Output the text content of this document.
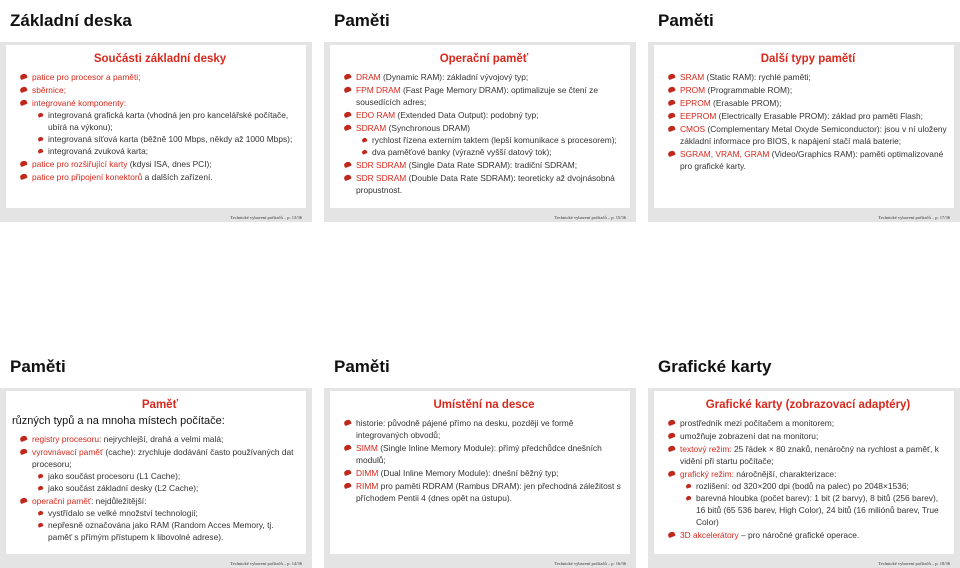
Základní deska
Součásti základní desky
patice pro procesor a paměti;
sběrnice;
integrované komponenty:
integrovaná grafická karta (vhodná jen pro kancelářské počítače, ubírá na výkonu);
integrovaná síťová karta (běžně 100 Mbps, někdy až 1000 Mbps);
integrovaná zvuková karta;
patice pro rozšiřující karty (kdysi ISA, dnes PCI);
patice pro připojení konektorů a dalších zařízení.
Technické vybavení počítačů – p. 13/36
Paměti
Operační paměť
DRAM (Dynamic RAM): základní vývojový typ;
FPM DRAM (Fast Page Memory DRAM): optimalizuje se čtení ze sousedících adres;
EDO RAM (Extended Data Output): podobný typ;
SDRAM (Synchronous DRAM)
rychlost řízena externím taktem (lepší komunikace s procesorem);
dva paměťové banky (výrazně vyšší datový tok);
SDR SDRAM (Single Data Rate SDRAM): tradiční SDRAM;
SDR SDRAM (Double Data Rate SDRAM): teoreticky až dvojnásobná propustnost.
Technické vybavení počítačů – p. 15/36
Paměti
Další typy pamětí
SRAM (Static RAM): rychlé paměti;
PROM (Programmable ROM);
EPROM (Erasable PROM);
EEPROM (Electrically Erasable PROM): základ pro paměti Flash;
CMOS (Complementary Metal Oxyde Semiconductor): jsou v ní uloženy základní informace pro BIOS, k napájení stačí malá baterie;
SGRAM, VRAM, GRAM (Video/Graphics RAM): paměti optimalizované pro grafické karty.
Technické vybavení počítačů – p. 17/36
Paměti
Paměť
různých typů a na mnoha místech počítače:
registry procesoru: nejrychlejší, drahá a velmi malá;
vyrovnávací paměť (cache): zrychluje dodávání často používaných dat procesoru;
jako součást procesoru (L1 Cache);
jako součást základní desky (L2 Cache);
operační paměť: nejdůležitější:
vystřídalo se velké množství technologií;
nepřesně označována jako RAM (Random Acces Memory, tj. paměť s přímým přístupem k libovolné adrese).
Technické vybavení počítačů – p. 14/36
Paměti
Umístění na desce
historie: původně pájené přímo na desku, později ve formě integrovaných obvodů;
SIMM (Single Inline Memory Module): přímý předchůdce dnešních modulů;
DIMM (Dual Inline Memory Module): dnešní běžný typ;
RIMM pro paměti RDRAM (Rambus DRAM): jen přechodná záležitost s příchodem Pentii 4 (dnes opět na ústupu).
Technické vybavení počítačů – p. 16/36
Grafické karty
Grafické karty (zobrazovací adaptéry)
prostředník mezi počítačem a monitorem;
umožňuje zobrazení dat na monitoru;
textový režim: 25 řádek × 80 znaků, nenáročný na rychlost a paměť, k vidění při startu počítače;
grafický režim: náročnější, charakterizace:
rozlišení: od 320×200 dpi (bodů na palec) po 2048×1536;
barevná hloubka (počet barev): 1 bit (2 barvy), 8 bitů (256 barev), 16 bitů (65 536 barev, High Color), 24 bitů (16 miliónů barev, True Color)
3D akcelerátory – pro náročné grafické operace.
Technické vybavení počítačů – p. 18/36
